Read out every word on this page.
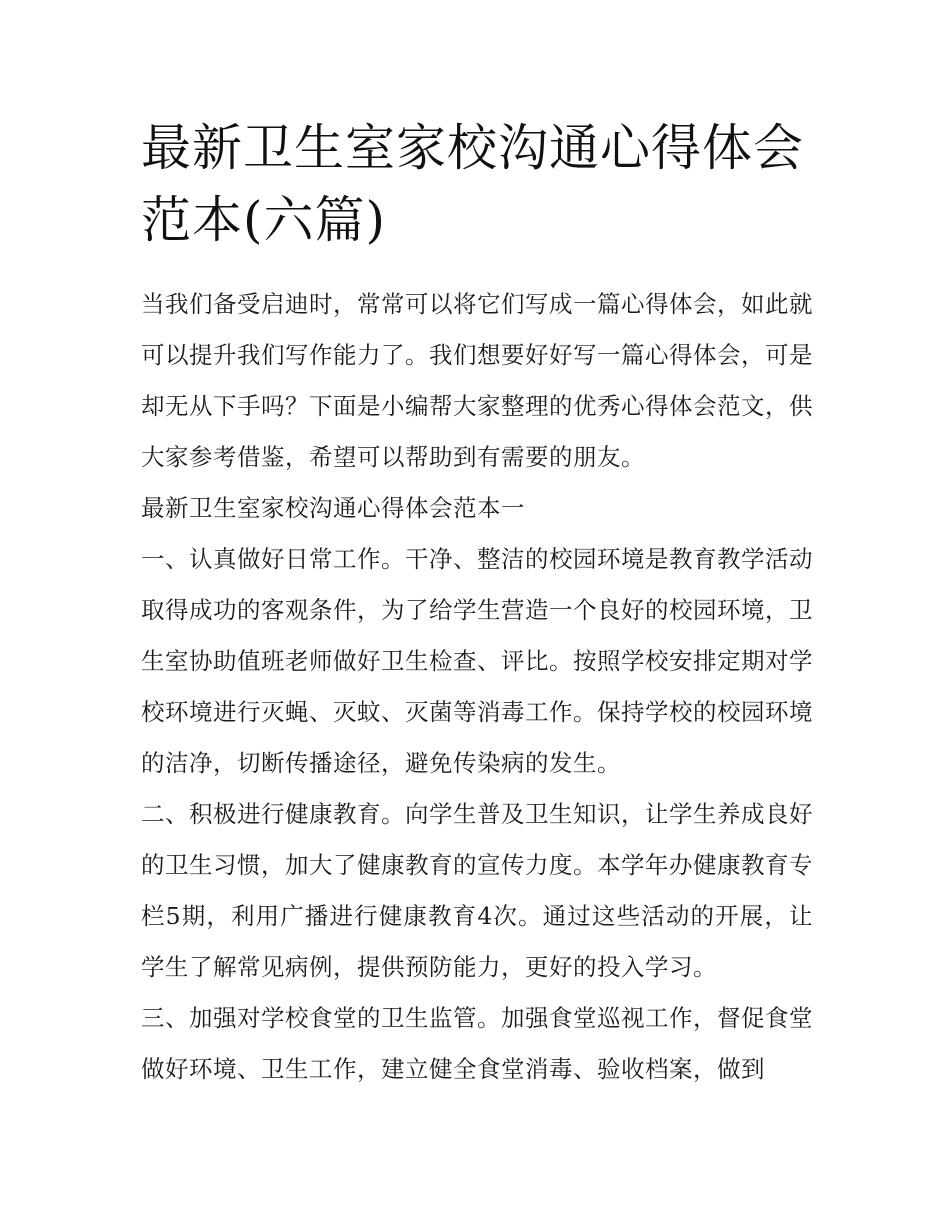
最新卫生室家校沟通心得体会范本(六篇)

当我们备受启迪时，常常可以将它们写成一篇心得体会，如此就可以提升我们写作能力了。我们想要好好写一篇心得体会，可是却无从下手吗？下面是小编帮大家整理的优秀心得体会范文，供大家参考借鉴，希望可以帮助到有需要的朋友。

最新卫生室家校沟通心得体会范本一

一、认真做好日常工作。干净、整洁的校园环境是教育教学活动取得成功的客观条件，为了给学生营造一个良好的校园环境，卫生室协助值班老师做好卫生检查、评比。按照学校安排定期对学校环境进行灭蝇、灭蚊、灭菌等消毒工作。保持学校的校园环境的洁净，切断传播途径，避免传染病的发生。

二、积极进行健康教育。向学生普及卫生知识，让学生养成良好的卫生习惯，加大了健康教育的宣传力度。本学年办健康教育专栏5期，利用广播进行健康教育4次。通过这些活动的开展，让学生了解常见病例，提供预防能力，更好的投入学习。

三、加强对学校食堂的卫生监管。加强食堂巡视工作，督促食堂做好环境、卫生工作，建立健全食堂消毒、验收档案，做到
